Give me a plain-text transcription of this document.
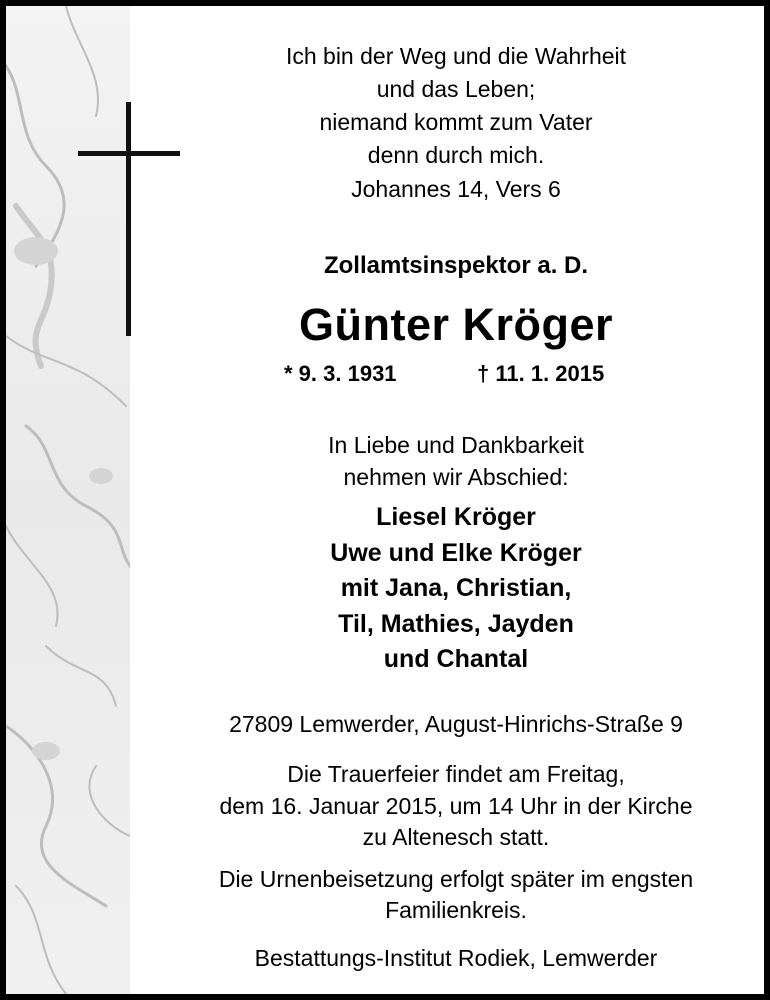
Ich bin der Weg und die Wahrheit
und das Leben;
niemand kommt zum Vater
denn durch mich.
Johannes 14, Vers 6
Zollamtsinspektor a. D.
Günter Kröger
* 9. 3. 1931	† 11. 1. 2015
In Liebe und Dankbarkeit
nehmen wir Abschied:
Liesel Kröger
Uwe und Elke Kröger
mit Jana, Christian,
Til, Mathies, Jayden
und Chantal
27809 Lemwerder, August-Hinrichs-Straße 9
Die Trauerfeier findet am Freitag,
dem 16. Januar 2015, um 14 Uhr in der Kirche
zu Altenesch statt.
Die Urnenbeisetzung erfolgt später im engsten
Familienkreis.
Bestattungs-Institut Rodiek, Lemwerder
